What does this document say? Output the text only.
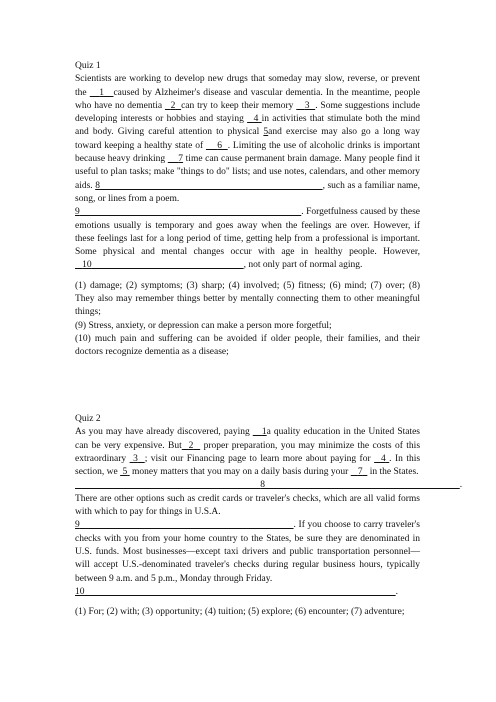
Quiz 1

Scientists are working to develop new drugs that someday may slow, reverse, or prevent the    1 caused by Alzheimer's disease and vascular dementia. In the meantime, people who have no dementia   2 can try to keep their memory    3 . Some suggestions include developing interests or hobbies and staying   4 in activities that stimulate both the mind and body. Giving careful attention to physical 5and exercise may also go a long way toward keeping a healthy state of     6 . Limiting the use of alcoholic drinks is important because heavy drinking     7 time can cause permanent brain damage. Many people find it useful to plan tasks; make "things to do" lists; and use notes, calendars, and other memory aids. 8	, such as a familiar name, song, or lines from a poem.
9	. Forgetfulness caused by these emotions usually is temporary and goes away when the feelings are over. However, if these feelings last for a long period of time, getting help from a professional is important. Some physical and mental changes occur with age in healthy people. However,    10	, not only part of normal aging.

(1) damage; (2) symptoms; (3) sharp; (4) involved; (5) fitness; (6) mind; (7) over; (8) They also may remember things better by mentally connecting them to other meaningful things;

(9) Stress, anxiety, or depression can make a person more forgetful;

(10) much pain and suffering can be avoided if older people, their families, and their doctors recognize dementia as a disease;

Quiz 2

As you may have already discovered, paying    1a quality education in the United States can be very expensive. But 2   proper preparation, you may minimize the costs of this extraordinary  3 ; visit our Financing page to learn more about paying for   4 . In this section, we  5  money matters that you may on a daily basis during your    7   in the States.
8	. There are other options such as credit cards or traveler's checks, which are all valid forms with which to pay for things in U.S.A.
9	. If you choose to carry traveler's checks with you from your home country to the States, be sure they are denominated in U.S. funds. Most businesses—except taxi drivers and public transportation personnel—will accept U.S.-denominated traveler's checks during regular business hours, typically between 9 a.m. and 5 p.m., Monday through Friday.
10	.

(1) For; (2) with; (3) opportunity; (4) tuition; (5) explore; (6) encounter; (7) adventure;
